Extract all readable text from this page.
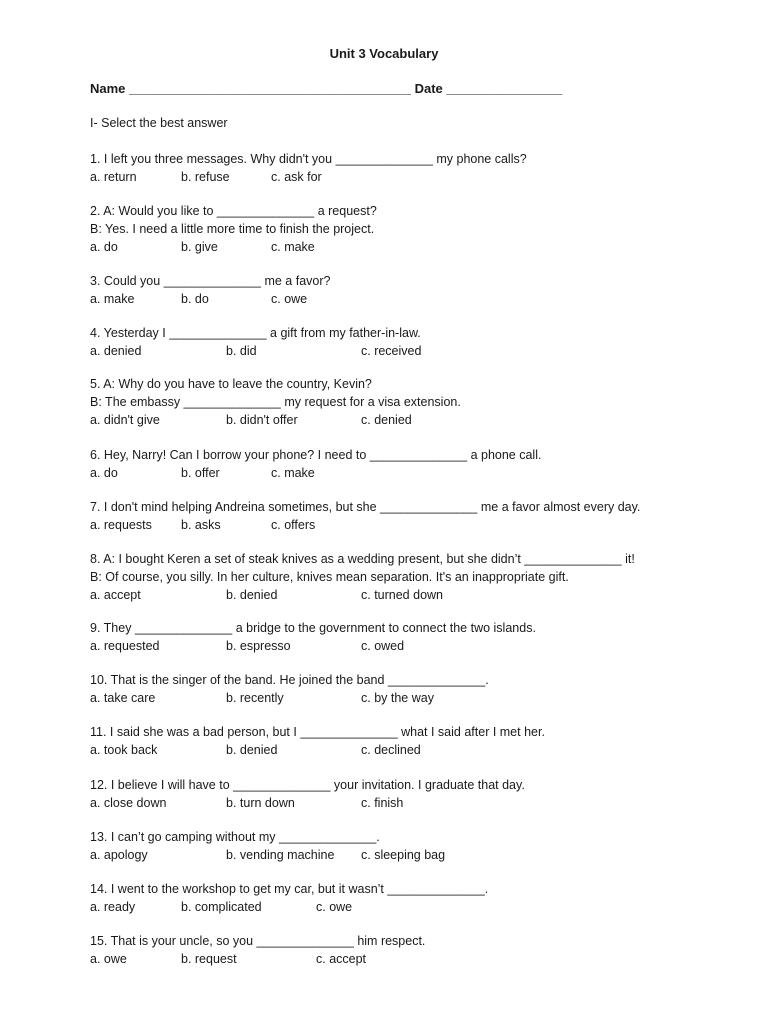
Unit 3 Vocabulary
Name _______________________________________ Date ________________
I- Select the best answer
1. I left you three messages. Why didn't you ______________ my phone calls?
a. return	b. refuse	c. ask for
2. A: Would you like to ______________ a request?
B: Yes. I need a little more time to finish the project.
a. do	b. give	c. make
3. Could you ______________ me a favor?
a. make	b. do	c. owe
4. Yesterday I ______________ a gift from my father-in-law.
a. denied	b. did	c. received
5. A: Why do you have to leave the country, Kevin?
B: The embassy ______________ my request for a visa extension.
a. didn't give	b. didn't offer	c. denied
6. Hey, Narry! Can I borrow your phone? I need to ______________ a phone call.
a. do	b. offer	c. make
7. I don't mind helping Andreina sometimes, but she ______________ me a favor almost every day.
a. requests b. asks	c. offers
8. A: I bought Keren a set of steak knives as a wedding present, but she didn’t ______________ it!
B: Of course, you silly. In her culture, knives mean separation. It's an inappropriate gift.
a. accept	b. denied	c. turned down
9. They ______________ a bridge to the government to connect the two islands.
a. requested	b. espresso	c. owed
10. That is the singer of the band. He joined the band ______________.
a. take care	b. recently	c. by the way
11. I said she was a bad person, but I ______________ what I said after I met her.
a. took back	b. denied	c. declined
12. I believe I will have to ______________ your invitation. I graduate that day.
a. close down	b. turn down	c. finish
13. I can’t go camping without my ______________.
a. apology	b. vending machine c. sleeping bag
14. I went to the workshop to get my car, but it wasn’t ______________.
a. ready	b. complicated	c. owe
15. That is your uncle, so you ______________ him respect.
a. owe	b. request	c. accept
